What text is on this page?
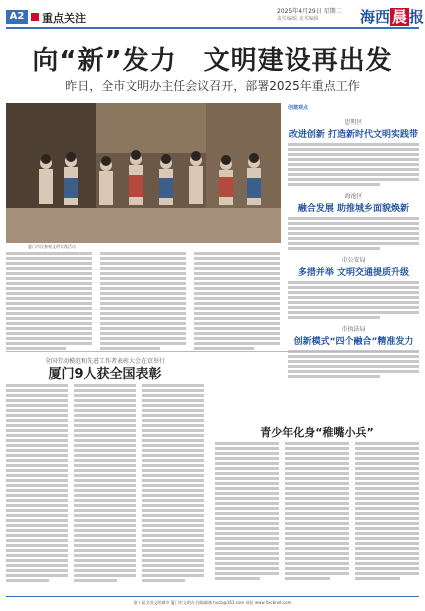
A2	重点关注
2025年4月29日 星期二
责任编辑 美术编辑	海西 晨 报
向“新”发力　文明建设再出发
昨日，全市文明办主任会议召开，部署2025年重点工作
厦门市民参观文明实践活动
创建观点
思明区
改进创新 打造新时代文明实践带
海沧区
融合发展 助推城乡面貌焕新
市公安局
多措并举 文明交通提质升级
市执法局
创新模式“四个融合”精准发力
全国劳动模范和先进工作者表彰大会在京举行
厦门9人获全国表彰
青少年化身“稚嘴小兵”
第十届全国文明城市 厦门市文明办 投稿邮箱 hxcb@163.com 网址 www.hxcbnet.com
